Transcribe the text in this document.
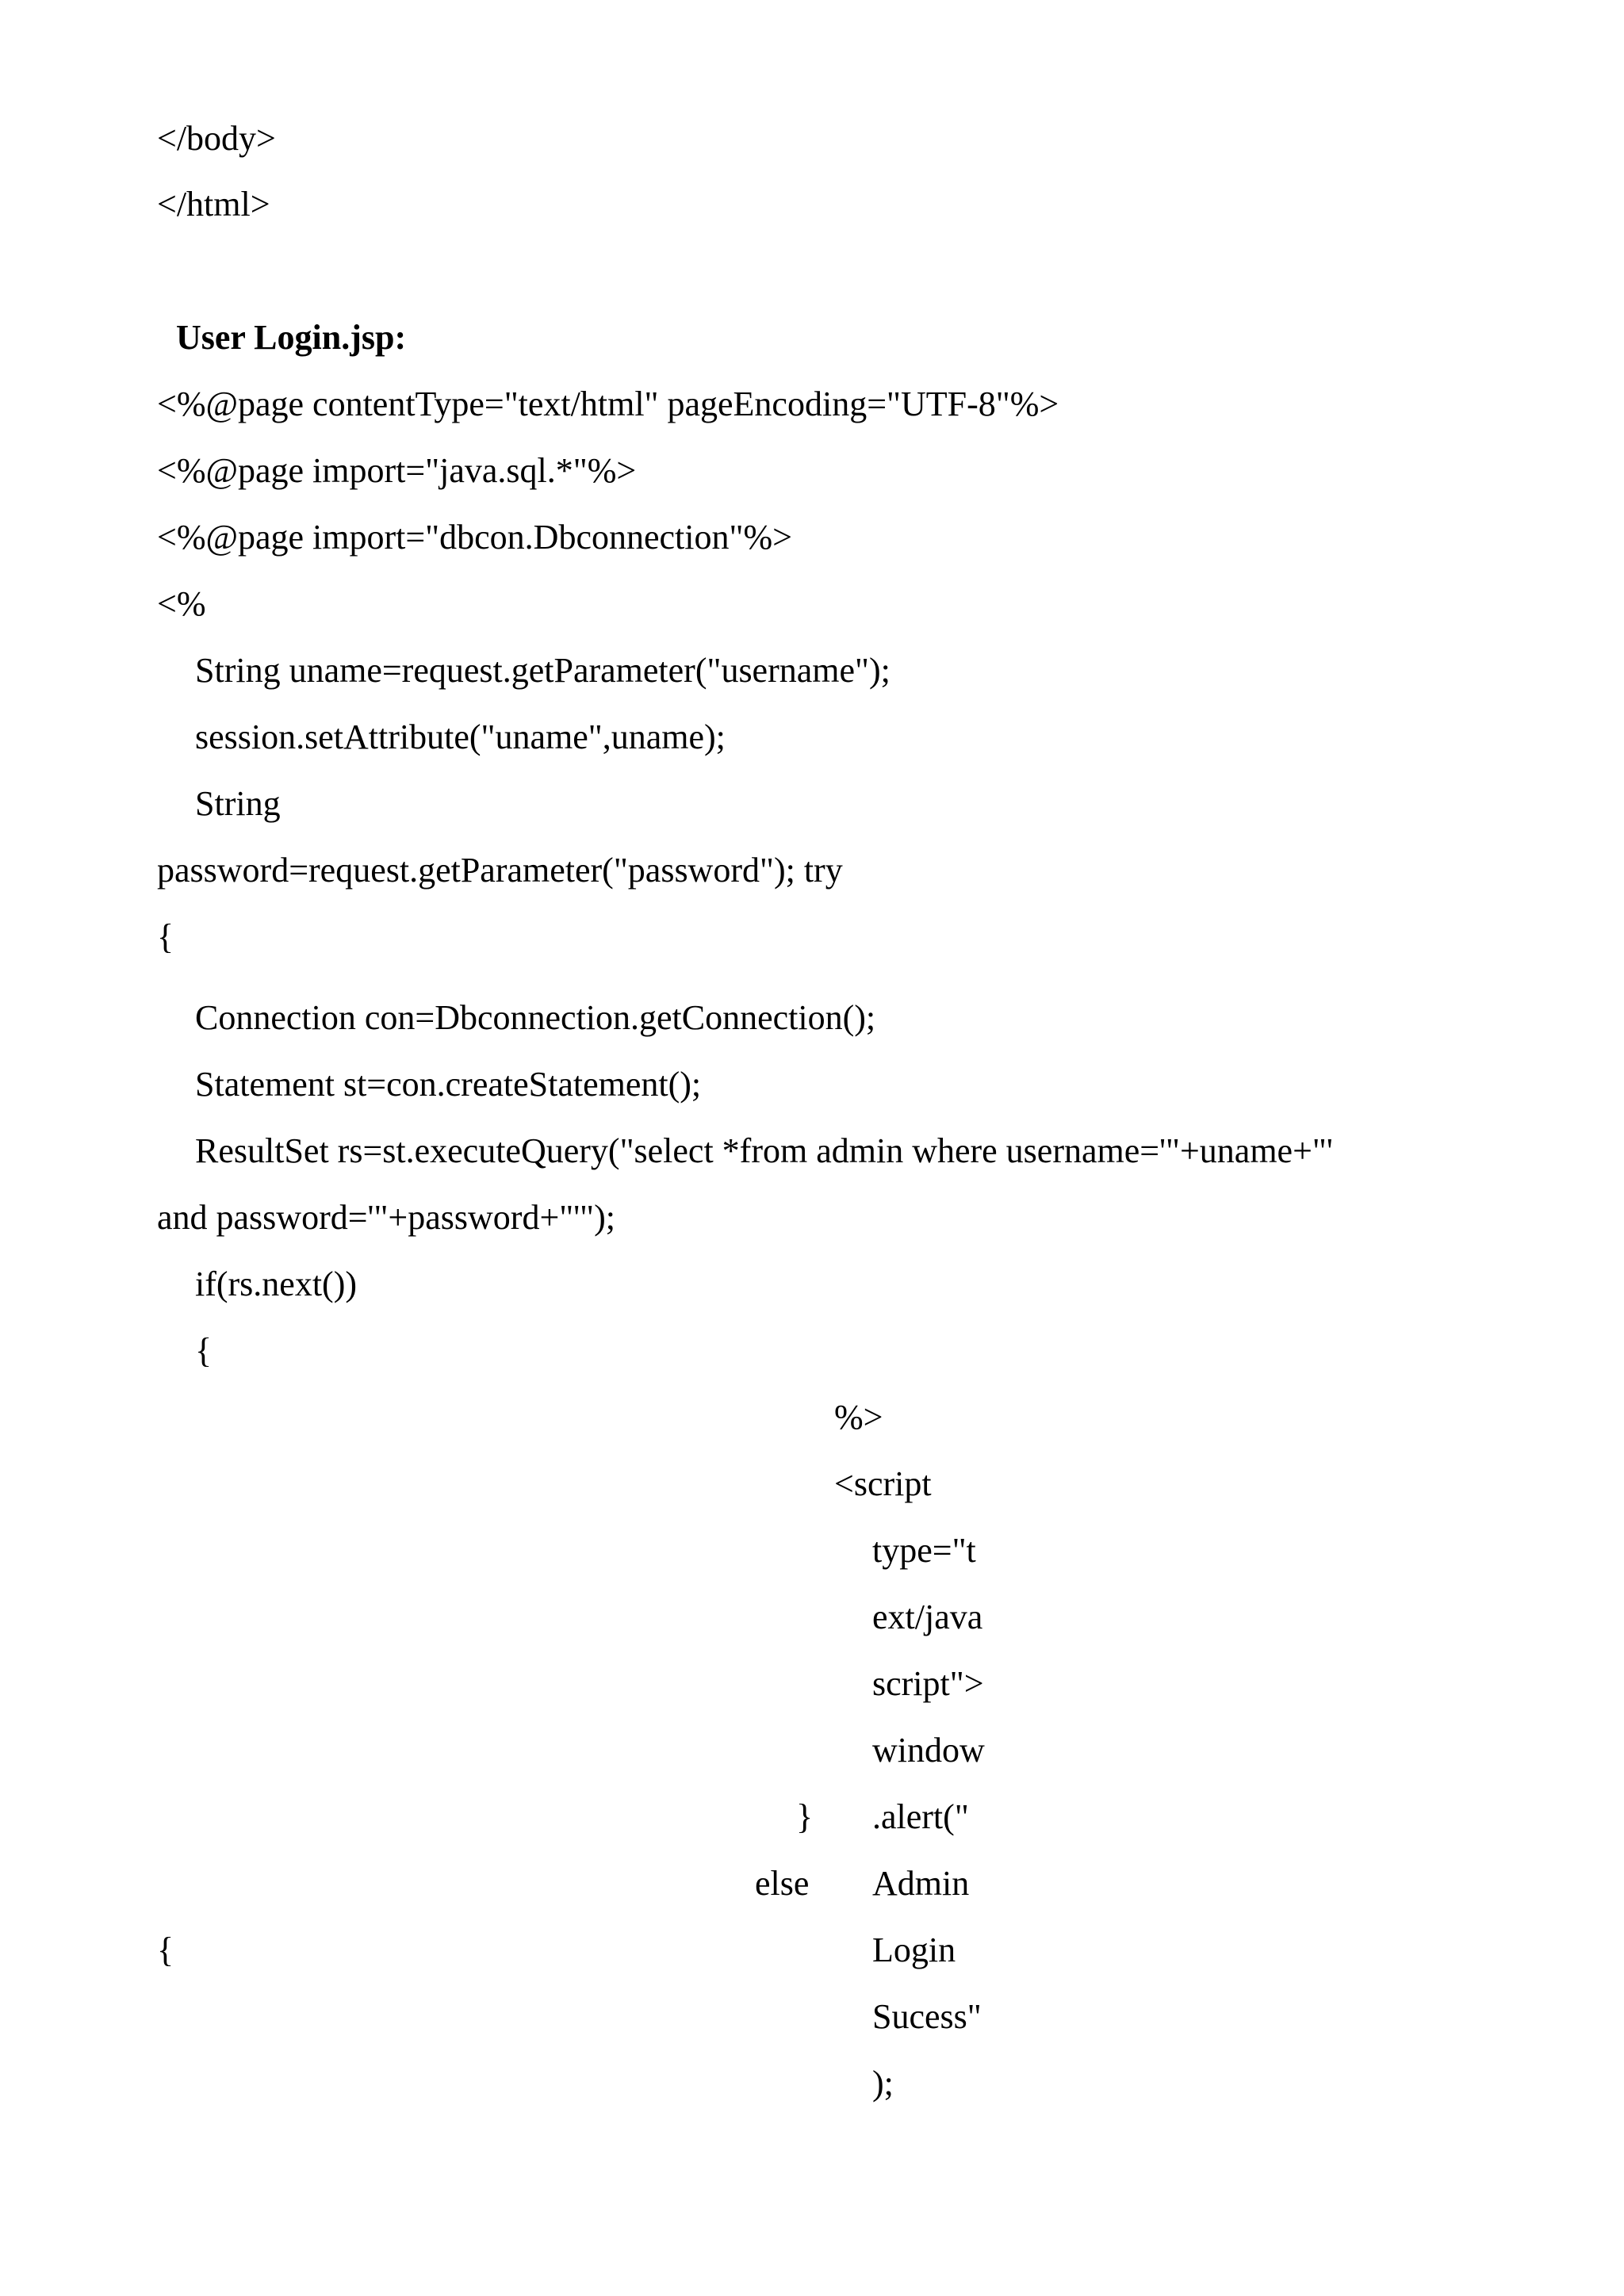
</body>
</html>
User Login.jsp:
<%@page contentType="text/html" pageEncoding="UTF-8"%>
<%@page import="java.sql.*"%>
<%@page import="dbcon.Dbconnection"%>
<%
String uname=request.getParameter("username");
session.setAttribute("uname",uname);
String
password=request.getParameter("password"); try
{
Connection con=Dbconnection.getConnection();
Statement st=con.createStatement();
ResultSet rs=st.executeQuery("select *from admin where username='"+uname+"'
and password='"+password+"'");
if(rs.next())
{
%>
<script
type="t
ext/java
script">
window
.alert("
Admin
Login
Sucess"
);
}
else
{
